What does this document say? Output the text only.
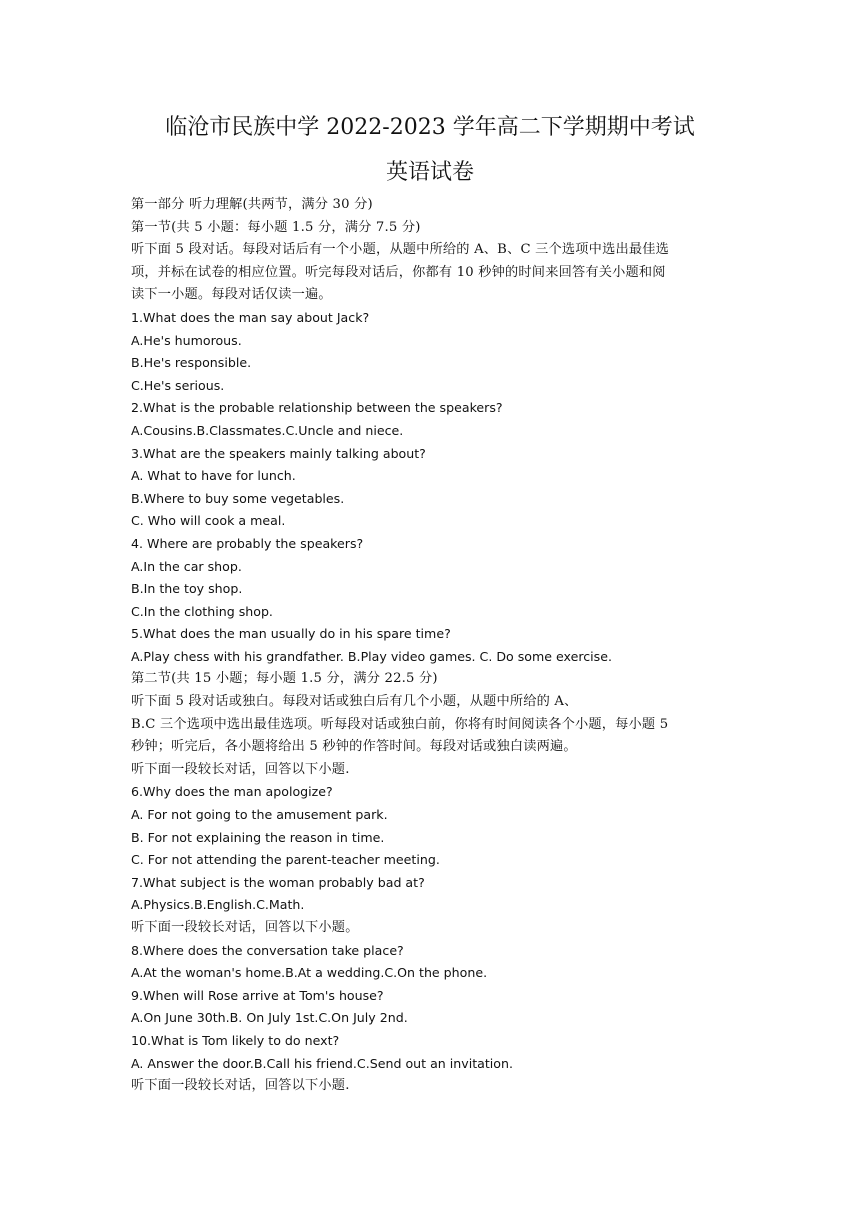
临沧市民族中学 2022-2023 学年高二下学期期中考试
英语试卷
第一部分 听力理解(共两节，满分 30 分)
第一节(共 5 小题：每小题 1.5 分，满分 7.5 分)
听下面 5 段对话。每段对话后有一个小题，从题中所给的 A、B、C 三个选项中选出最佳选
项，并标在试卷的相应位置。听完每段对话后，你都有 10 秒钟的时间来回答有关小题和阅
读下一小题。每段对话仅读一遍。
1.What does the man say about Jack?
A.He's humorous.
B.He's responsible.
C.He's serious.
2.What is the probable relationship between the speakers?
A.Cousins.B.Classmates.C.Uncle and niece.
3.What are the speakers mainly talking about?
A. What to have for lunch.
B.Where to buy some vegetables.
C. Who will cook a meal.
4. Where are probably the speakers?
A.In the car shop.
B.In the toy shop.
C.In the clothing shop.
5.What does the man usually do in his spare time?
A.Play chess with his grandfather. B.Play video games. C. Do some exercise.
第二节(共 15 小题；每小题 1.5 分，满分 22.5 分)
听下面 5 段对话或独白。每段对话或独白后有几个小题，从题中所给的 A、
B.C 三个选项中选出最佳选项。听每段对话或独白前，你将有时间阅读各个小题，每小题 5
秒钟；听完后，各小题将给出 5 秒钟的作答时间。每段对话或独白读两遍。
听下面一段较长对话，回答以下小题.
6.Why does the man apologize?
A. For not going to the amusement park.
B. For not explaining the reason in time.
C. For not attending the parent-teacher meeting.
7.What subject is the woman probably bad at?
A.Physics.B.English.C.Math.
听下面一段较长对话，回答以下小题。
8.Where does the conversation take place?
A.At the woman's home.B.At a wedding.C.On the phone.
9.When will Rose arrive at Tom's house?
A.On June 30th.B. On July 1st.C.On July 2nd.
10.What is Tom likely to do next?
A. Answer the door.B.Call his friend.C.Send out an invitation.
听下面一段较长对话，回答以下小题.
